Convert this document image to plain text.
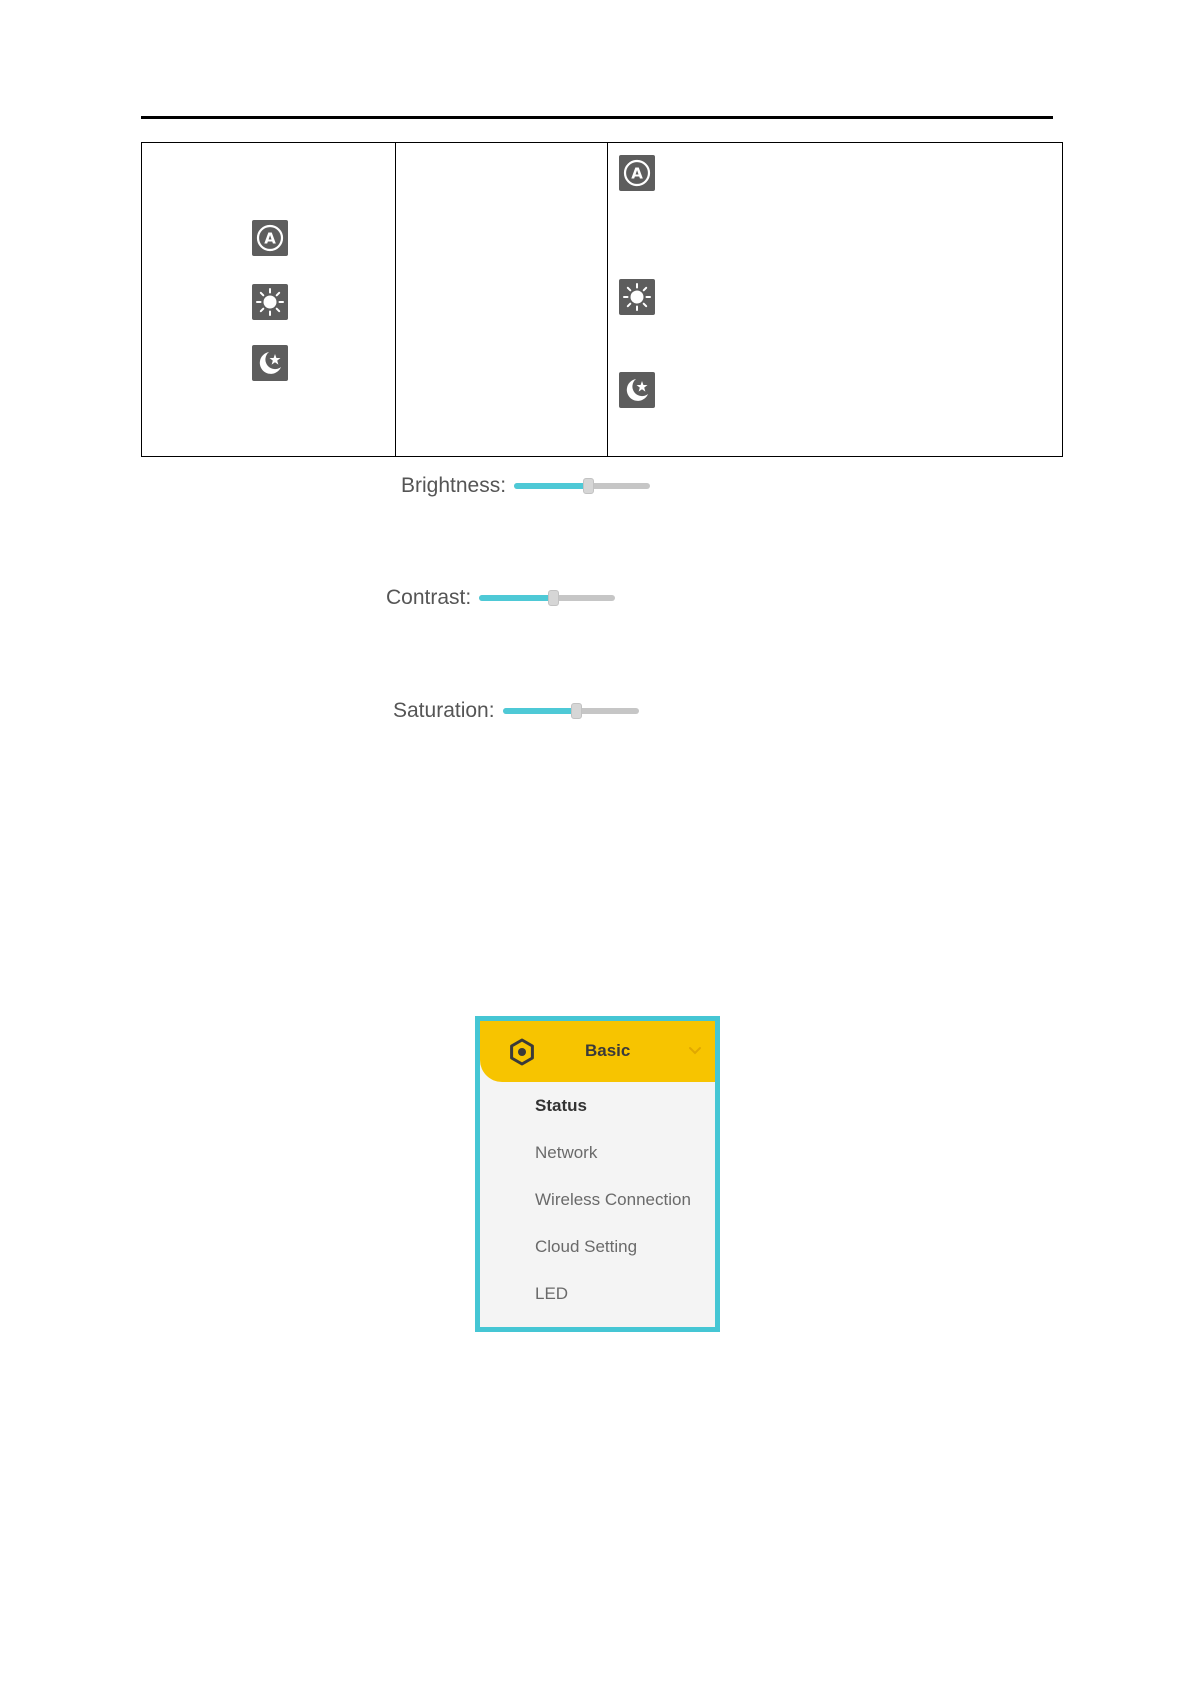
A
A
Brightness:
Contrast:
Saturation:
Basic
Status
Network
Wireless Connection
Cloud Setting
LED
